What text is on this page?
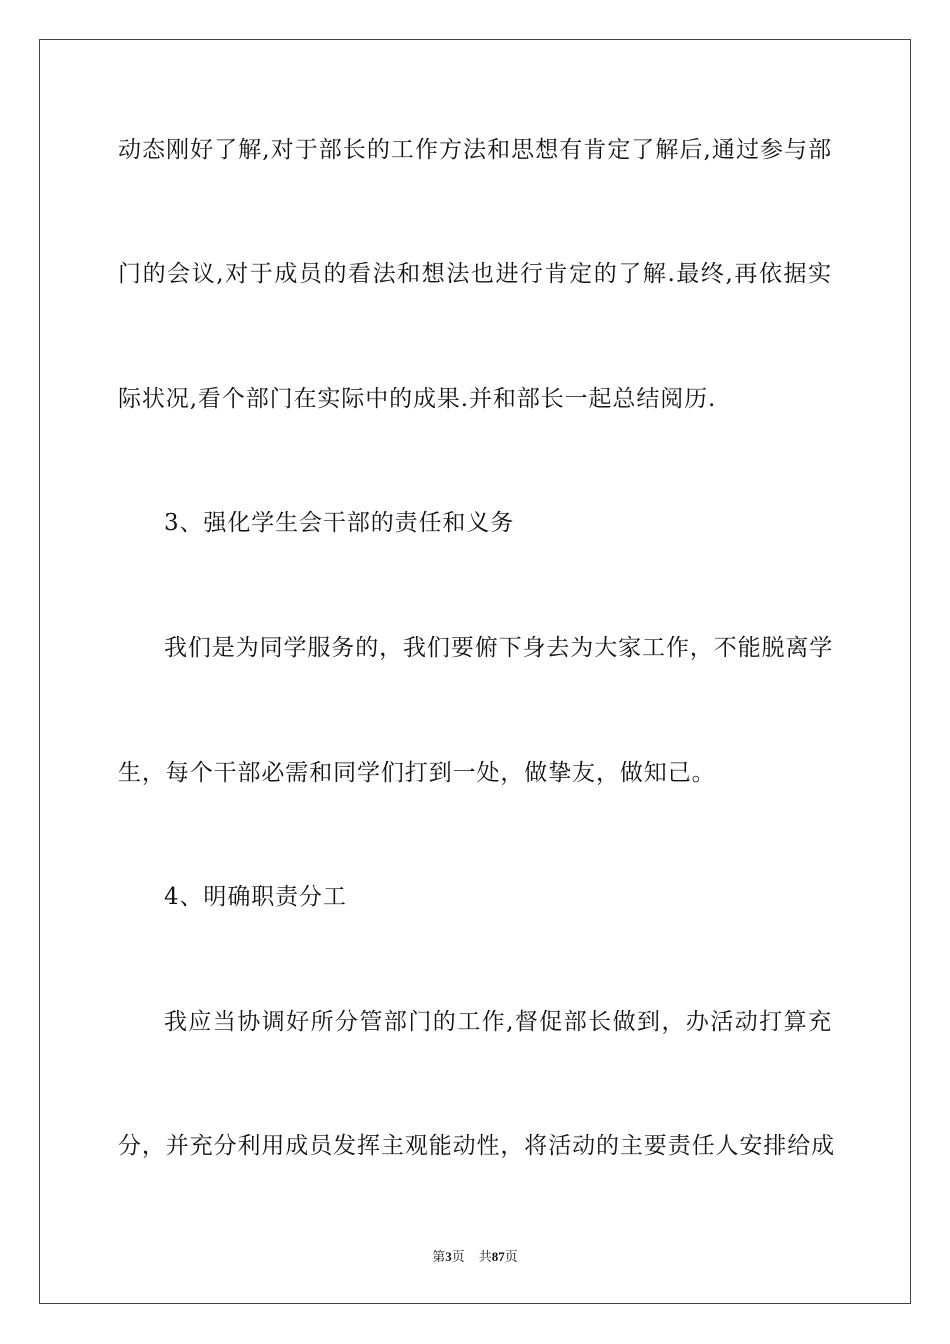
动态刚好了解,对于部长的工作方法和思想有肯定了解后,通过参与部
门的会议,对于成员的看法和想法也进行肯定的了解.最终,再依据实
际状况,看个部门在实际中的成果.并和部长一起总结阅历.
3、强化学生会干部的责任和义务
我们是为同学服务的，我们要俯下身去为大家工作，不能脱离学
生，每个干部必需和同学们打到一处，做挚友，做知己。
4、明确职责分工
我应当协调好所分管部门的工作,督促部长做到，办活动打算充
分，并充分利用成员发挥主观能动性，将活动的主要责任人安排给成
第3页 共87页
